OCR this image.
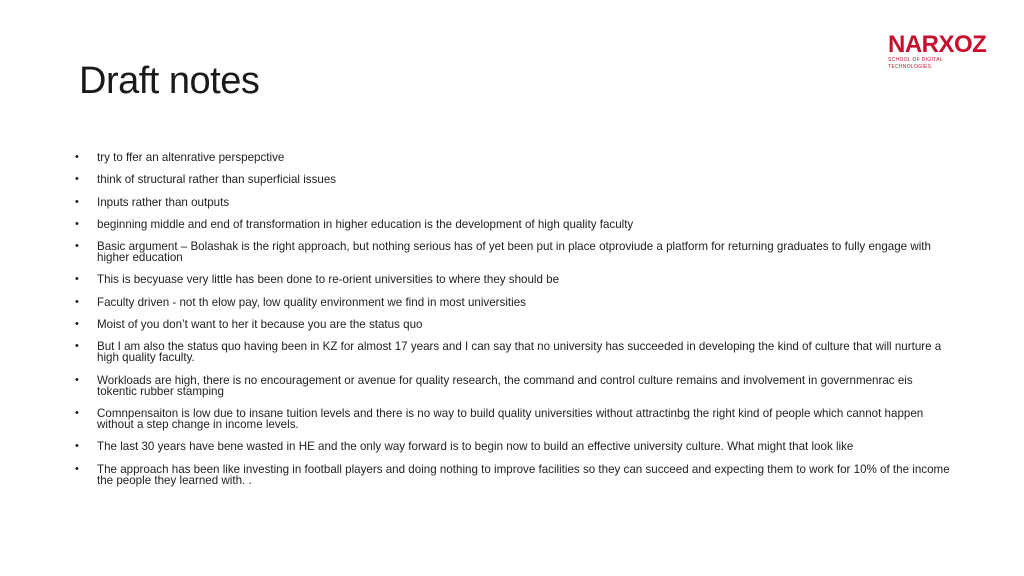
Draft notes
NARXOZ
SCHOOL OF DIGITAL
TECHNOLOGIES
• try to ffer an altenrative perspepctive
• think of structural rather than superficial issues
• Inputs rather than outputs
• beginning middle and end of transformation in higher education is the development of high quality faculty
• Basic argument – Bolashak is the right approach, but nothing serious has of yet been put in place otproviude a platform for returning graduates to fully engage with higher education
• This is becyuase very little has been done to re-orient universities to where they should be
• Faculty driven - not th elow pay, low quality environment we find in most universities
• Moist of you don’t want to her it because you are the status quo
• But I am also the status quo having been in KZ for almost 17 years and I can say that no university has succeeded in developing the kind of culture that will nurture a high quality faculty.
• Workloads are high, there is no encouragement or avenue for quality research, the command and control culture remains and involvement in governmenrac eis tokentic rubber stamping
• Comnpensaiton is low due to insane tuition levels and there is no way to build quality universities without attractinbg the right kind of people which cannot happen without a step change in income levels.
• The last 30 years have bene wasted in HE and the only way forward is to begin now to build an effective university culture. What might that look like
• The approach has been like investing in football players and doing nothing to improve facilities so they can succeed and expecting them to work for 10% of the income the people they learned with. .
